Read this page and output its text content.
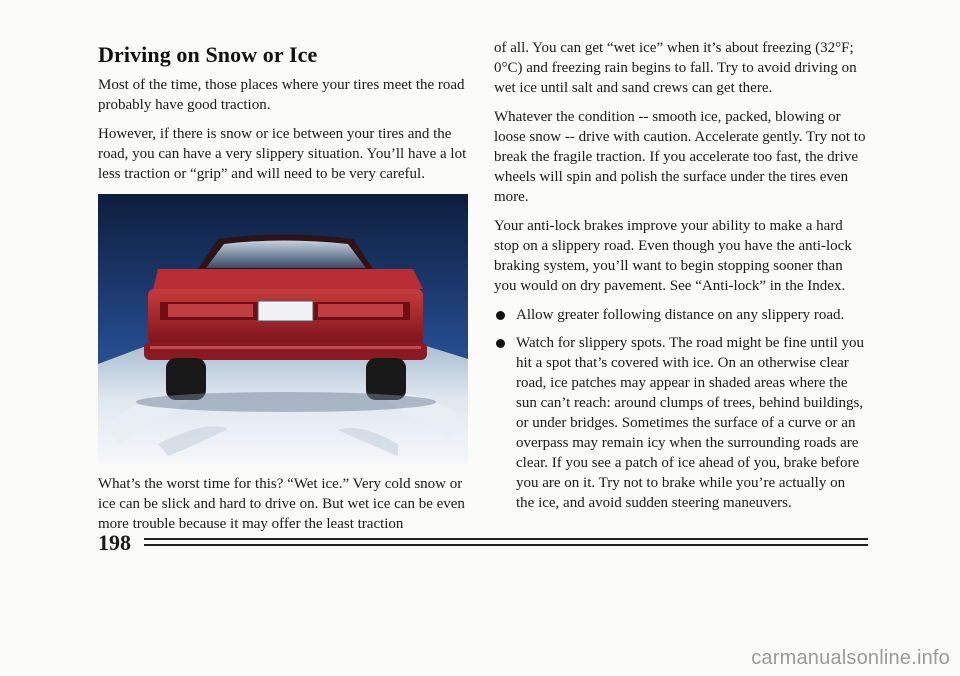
Driving on Snow or Ice

Most of the time, those places where your tires meet the road probably have good traction.

However, if there is snow or ice between your tires and the road, you can have a very slippery situation. You’ll have a lot less traction or “grip” and will need to be very careful.

What’s the worst time for this? “Wet ice.” Very cold snow or ice can be slick and hard to drive on. But wet ice can be even more trouble because it may offer the least traction

of all. You can get “wet ice” when it’s about freezing (32°F; 0°C) and freezing rain begins to fall. Try to avoid driving on wet ice until salt and sand crews can get there.

Whatever the condition -- smooth ice, packed, blowing or loose snow -- drive with caution. Accelerate gently. Try not to break the fragile traction. If you accelerate too fast, the drive wheels will spin and polish the surface under the tires even more.

Your anti-lock brakes improve your ability to make a hard stop on a slippery road. Even though you have the anti-lock braking system, you’ll want to begin stopping sooner than you would on dry pavement. See “Anti-lock” in the Index.

Allow greater following distance on any slippery road.
Watch for slippery spots. The road might be fine until you hit a spot that’s covered with ice. On an otherwise clear road, ice patches may appear in shaded areas where the sun can’t reach: around clumps of trees, behind buildings, or under bridges. Sometimes the surface of a curve or an overpass may remain icy when the surrounding roads are clear. If you see a patch of ice ahead of you, brake before you are on it. Try not to brake while you’re actually on the ice, and avoid sudden steering maneuvers.
198
carmanualsonline.info
